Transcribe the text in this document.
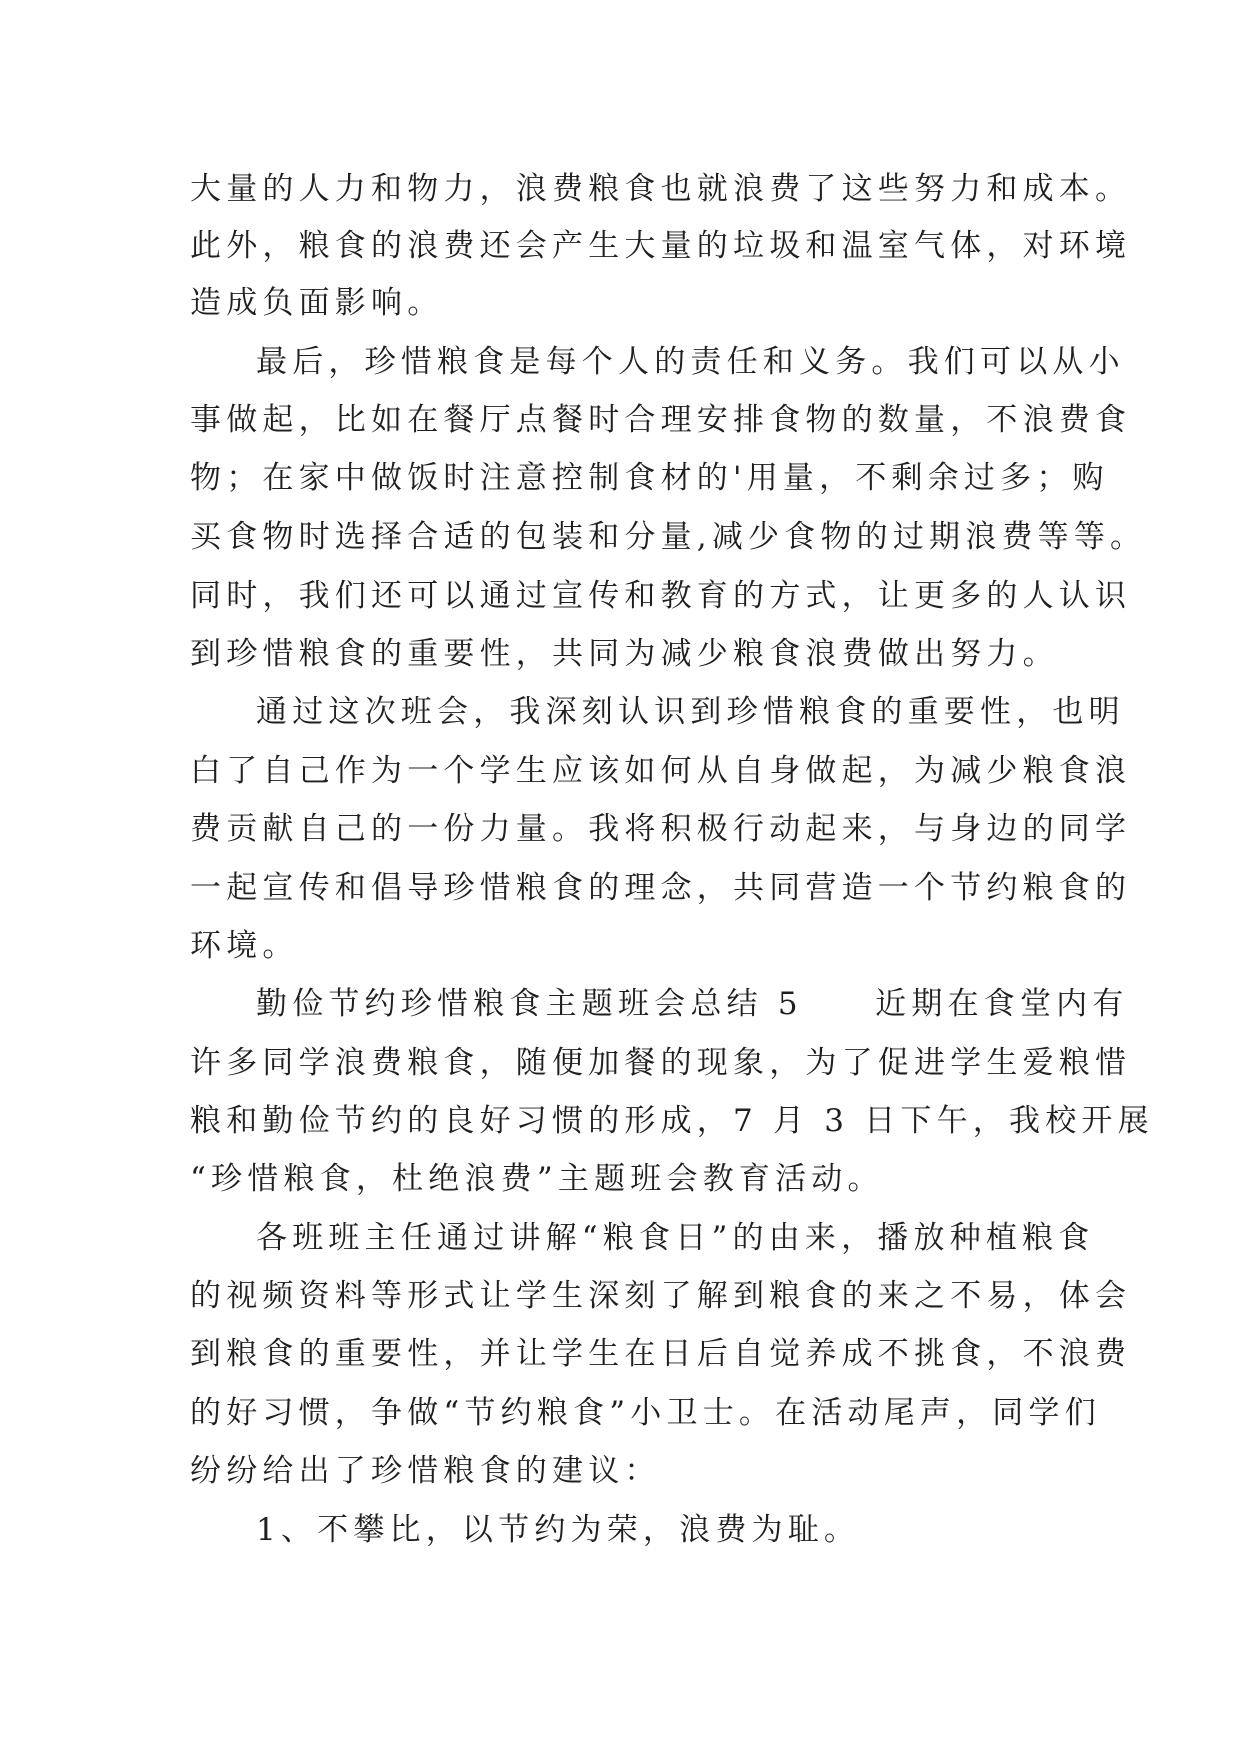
大量的人力和物力，浪费粮食也就浪费了这些努力和成本。

此外，粮食的浪费还会产生大量的垃圾和温室气体，对环境

造成负面影响。

最后，珍惜粮食是每个人的责任和义务。我们可以从小

事做起，比如在餐厅点餐时合理安排食物的数量，不浪费食

物；在家中做饭时注意控制食材的'用量，不剩余过多；购

买食物时选择合适的包装和分量,减少食物的过期浪费等等。

同时，我们还可以通过宣传和教育的方式，让更多的人认识

到珍惜粮食的重要性，共同为减少粮食浪费做出努力。

通过这次班会，我深刻认识到珍惜粮食的重要性，也明

白了自己作为一个学生应该如何从自身做起，为减少粮食浪

费贡献自己的一份力量。我将积极行动起来，与身边的同学

一起宣传和倡导珍惜粮食的理念，共同营造一个节约粮食的

环境。

勤俭节约珍惜粮食主题班会总结 5　　近期在食堂内有

许多同学浪费粮食，随便加餐的现象，为了促进学生爱粮惜

粮和勤俭节约的良好习惯的形成，7 月 3 日下午，我校开展

“珍惜粮食，杜绝浪费”主题班会教育活动。

各班班主任通过讲解“粮食日”的由来，播放种植粮食

的视频资料等形式让学生深刻了解到粮食的来之不易，体会

到粮食的重要性，并让学生在日后自觉养成不挑食，不浪费

的好习惯，争做“节约粮食”小卫士。在活动尾声，同学们

纷纷给出了珍惜粮食的建议：

1、不攀比，以节约为荣，浪费为耻。
